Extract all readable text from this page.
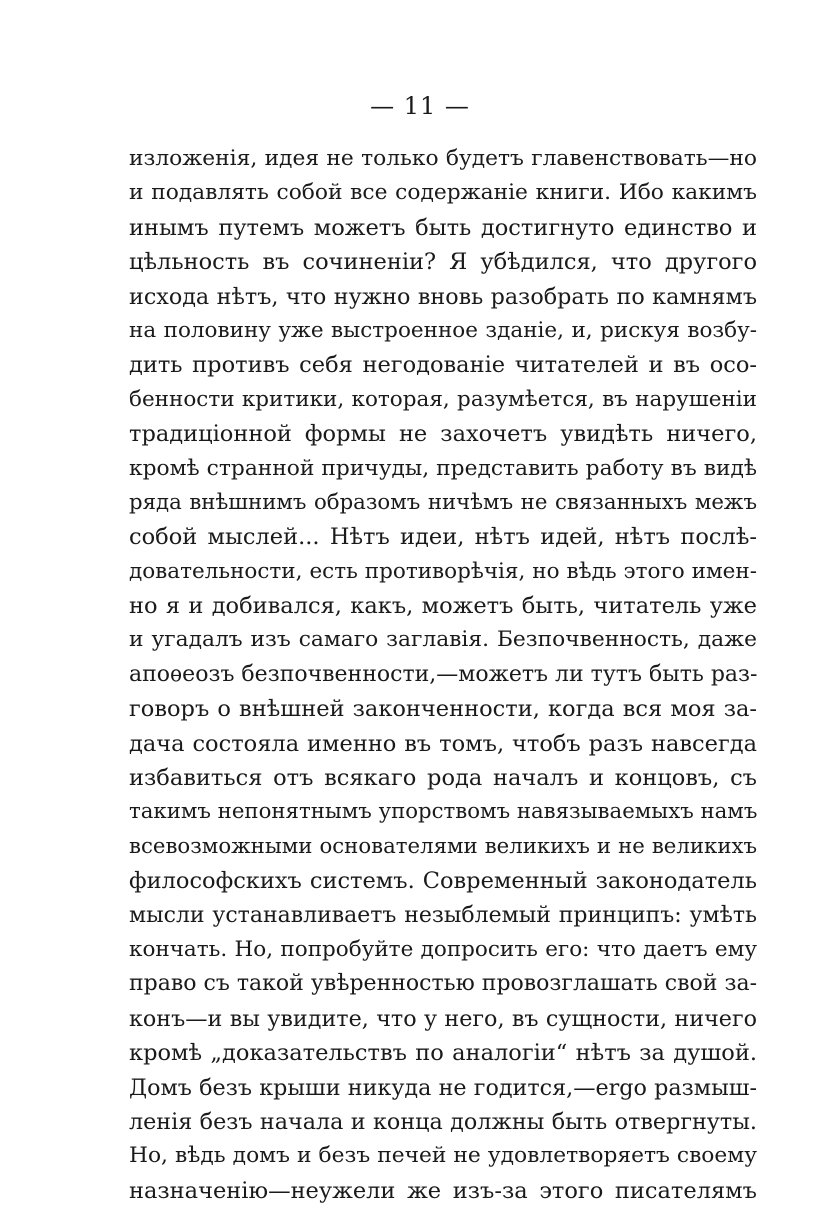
— 11 —
изложенія, идея не только будетъ главенствовать—но
и подавлять собой все содержаніе книги. Ибо какимъ
инымъ путемъ можетъ быть достигнуто единство и
цѣльность въ сочиненіи? Я убѣдился, что другого
исхода нѣтъ, что нужно вновь разобрать по камнямъ
на половину уже выстроенное зданіе, и, рискуя возбу-
дить противъ себя негодованіе читателей и въ осо-
бенности критики, которая, разумѣется, въ нарушеніи
традиціонной формы не захочетъ увидѣть ничего,
кромѣ странной причуды, представить работу въ видѣ
ряда внѣшнимъ образомъ ничѣмъ не связанныхъ межъ
собой мыслей... Нѣтъ идеи, нѣтъ идей, нѣтъ послѣ-
довательности, есть противорѣчія, но вѣдь этого имен-
но я и добивался, какъ, можетъ быть, читатель уже
и угадалъ изъ самаго заглавія. Безпочвенность, даже
апоѳеозъ безпочвенности,—можетъ ли тутъ быть раз-
говоръ о внѣшней законченности, когда вся моя за-
дача состояла именно въ томъ, чтобъ разъ навсегда
избавиться отъ всякаго рода началъ и концовъ, съ
такимъ непонятнымъ упорствомъ навязываемыхъ намъ
всевозможными основателями великихъ и не великихъ
философскихъ системъ. Современный законодатель
мысли устанавливаетъ незыблемый принципъ: умѣть
кончать. Но, попробуйте допросить его: что даетъ ему
право съ такой увѣренностью провозглашать свой за-
конъ—и вы увидите, что у него, въ сущности, ничего
кромѣ „доказательствъ по аналогіи“ нѣтъ за душой.
Домъ безъ крыши никуда не годится,—ergo размыш-
ленія безъ начала и конца должны быть отвергнуты.
Но, вѣдь домъ и безъ печей не удовлетворяетъ своему
назначенію—неужели же изъ-за этого писателямъ
